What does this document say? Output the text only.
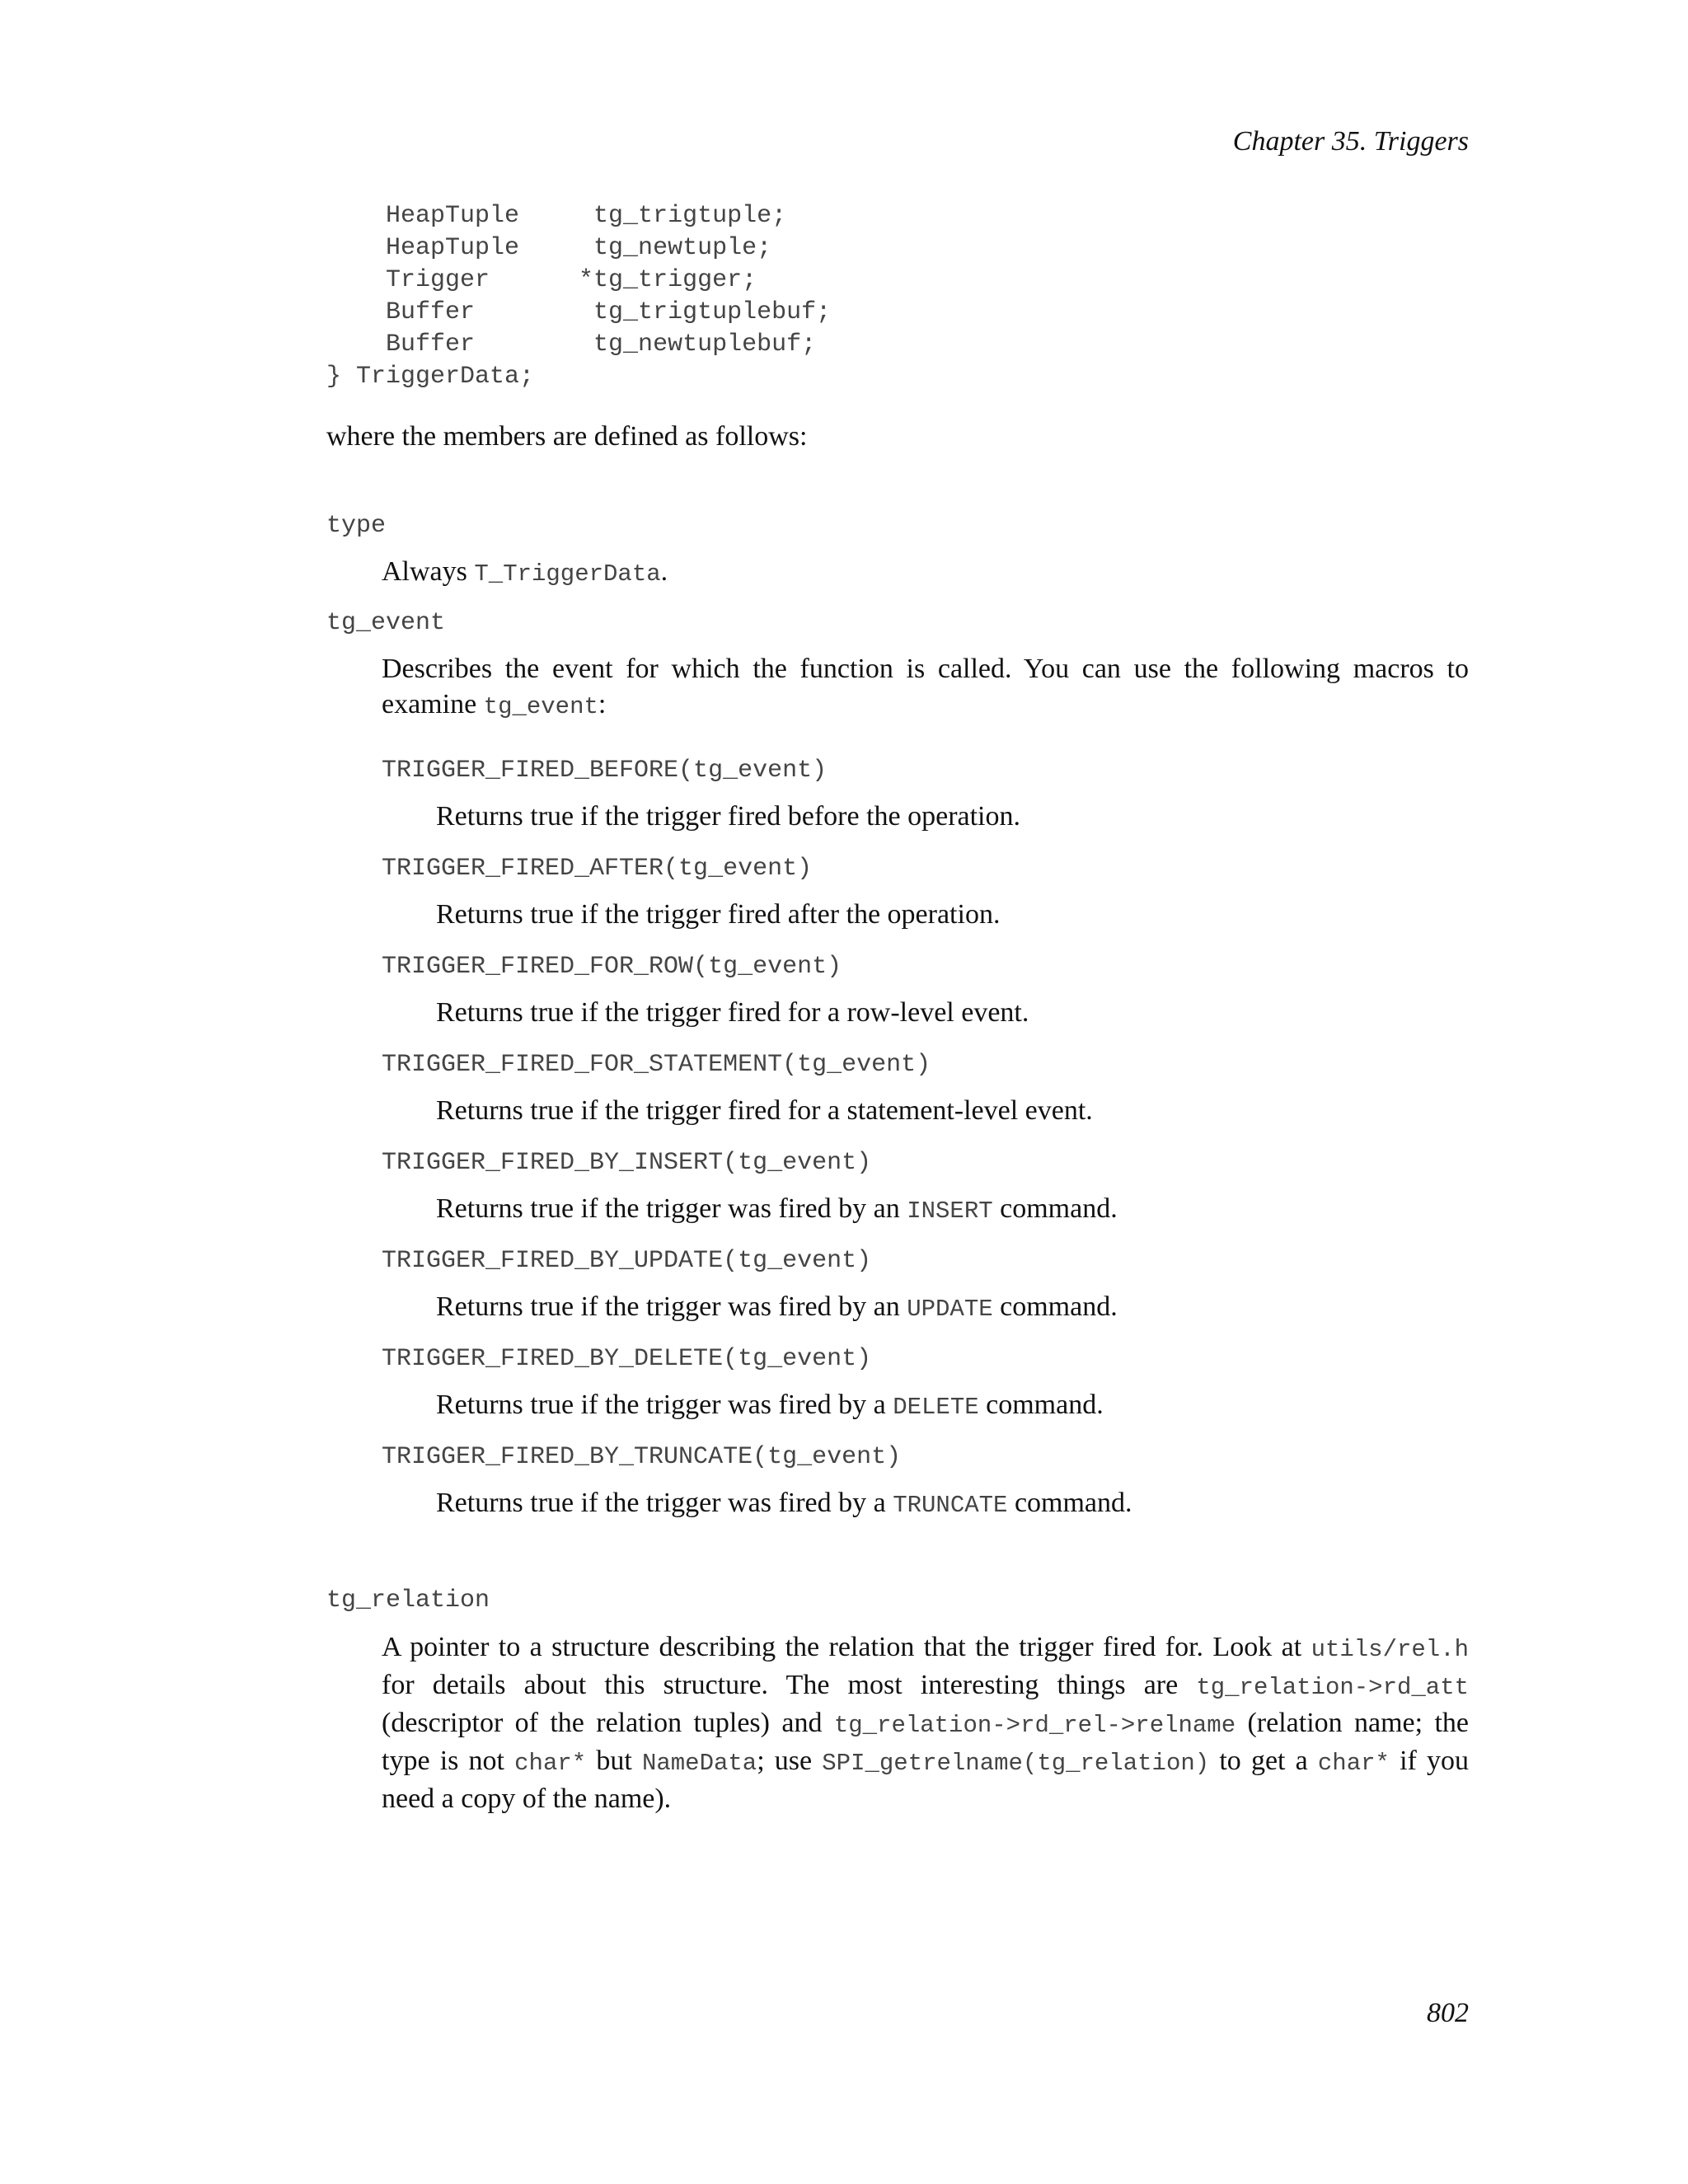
Chapter 35. Triggers
HeapTuple     tg_trigtuple;
HeapTuple     tg_newtuple;
Trigger      *tg_trigger;
Buffer        tg_trigtuplebuf;
Buffer        tg_newtuplebuf;
} TriggerData;
where the members are defined as follows:
type
Always T_TriggerData.
tg_event
Describes the event for which the function is called. You can use the following macros to examine tg_event:
TRIGGER_FIRED_BEFORE(tg_event)
Returns true if the trigger fired before the operation.
TRIGGER_FIRED_AFTER(tg_event)
Returns true if the trigger fired after the operation.
TRIGGER_FIRED_FOR_ROW(tg_event)
Returns true if the trigger fired for a row-level event.
TRIGGER_FIRED_FOR_STATEMENT(tg_event)
Returns true if the trigger fired for a statement-level event.
TRIGGER_FIRED_BY_INSERT(tg_event)
Returns true if the trigger was fired by an INSERT command.
TRIGGER_FIRED_BY_UPDATE(tg_event)
Returns true if the trigger was fired by an UPDATE command.
TRIGGER_FIRED_BY_DELETE(tg_event)
Returns true if the trigger was fired by a DELETE command.
TRIGGER_FIRED_BY_TRUNCATE(tg_event)
Returns true if the trigger was fired by a TRUNCATE command.
tg_relation
A pointer to a structure describing the relation that the trigger fired for. Look at utils/rel.h for details about this structure. The most interesting things are tg_relation->rd_att (descriptor of the relation tuples) and tg_relation->rd_rel->relname (relation name; the type is not char* but NameData; use SPI_getrelname(tg_relation) to get a char* if you need a copy of the name).
802
